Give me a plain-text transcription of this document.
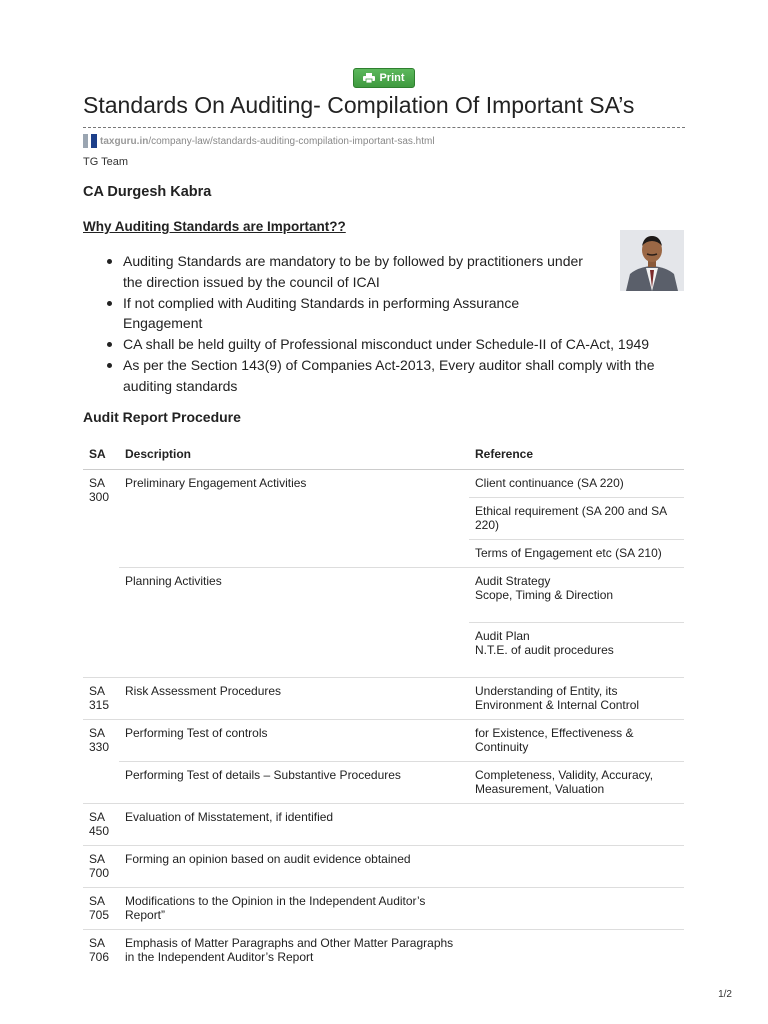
Print
Standards On Auditing- Compilation Of Important SA’s
taxguru.in /company-law/standards-auditing-compilation-important-sas.html
TG Team
CA Durgesh Kabra
Why Auditing Standards are Important??
Auditing Standards are mandatory to be by followed by practitioners under the direction issued by the council of ICAI
If not complied with Auditing Standards in performing Assurance Engagement
CA shall be held guilty of Professional misconduct under Schedule-II of CA-Act, 1949
As per the Section 143(9) of Companies Act-2013, Every auditor shall comply with the auditing standards
Audit Report Procedure
SA	Description	Reference
SA 300	Preliminary Engagement Activities	Client continuance (SA 220)
		Ethical requirement (SA 200 and SA 220)
		Terms of Engagement etc (SA 210)
	Planning Activities	Audit Strategy
Scope, Timing & Direction

		Audit Plan
N.T.E. of audit procedures

SA 315	Risk Assessment Procedures	Understanding of Entity, its Environment & Internal Control
SA 330	Performing Test of controls	for Existence, Effectiveness & Continuity
	Performing Test of details – Substantive Procedures	Completeness, Validity, Accuracy, Measurement, Valuation
SA 450	Evaluation of Misstatement, if identified	
SA 700	Forming an opinion based on audit evidence obtained	
SA 705	Modifications to the Opinion in the Independent Auditor’s Report”	
SA 706	Emphasis of Matter Paragraphs and Other Matter Paragraphs in the Independent Auditor’s Report	
1/2
